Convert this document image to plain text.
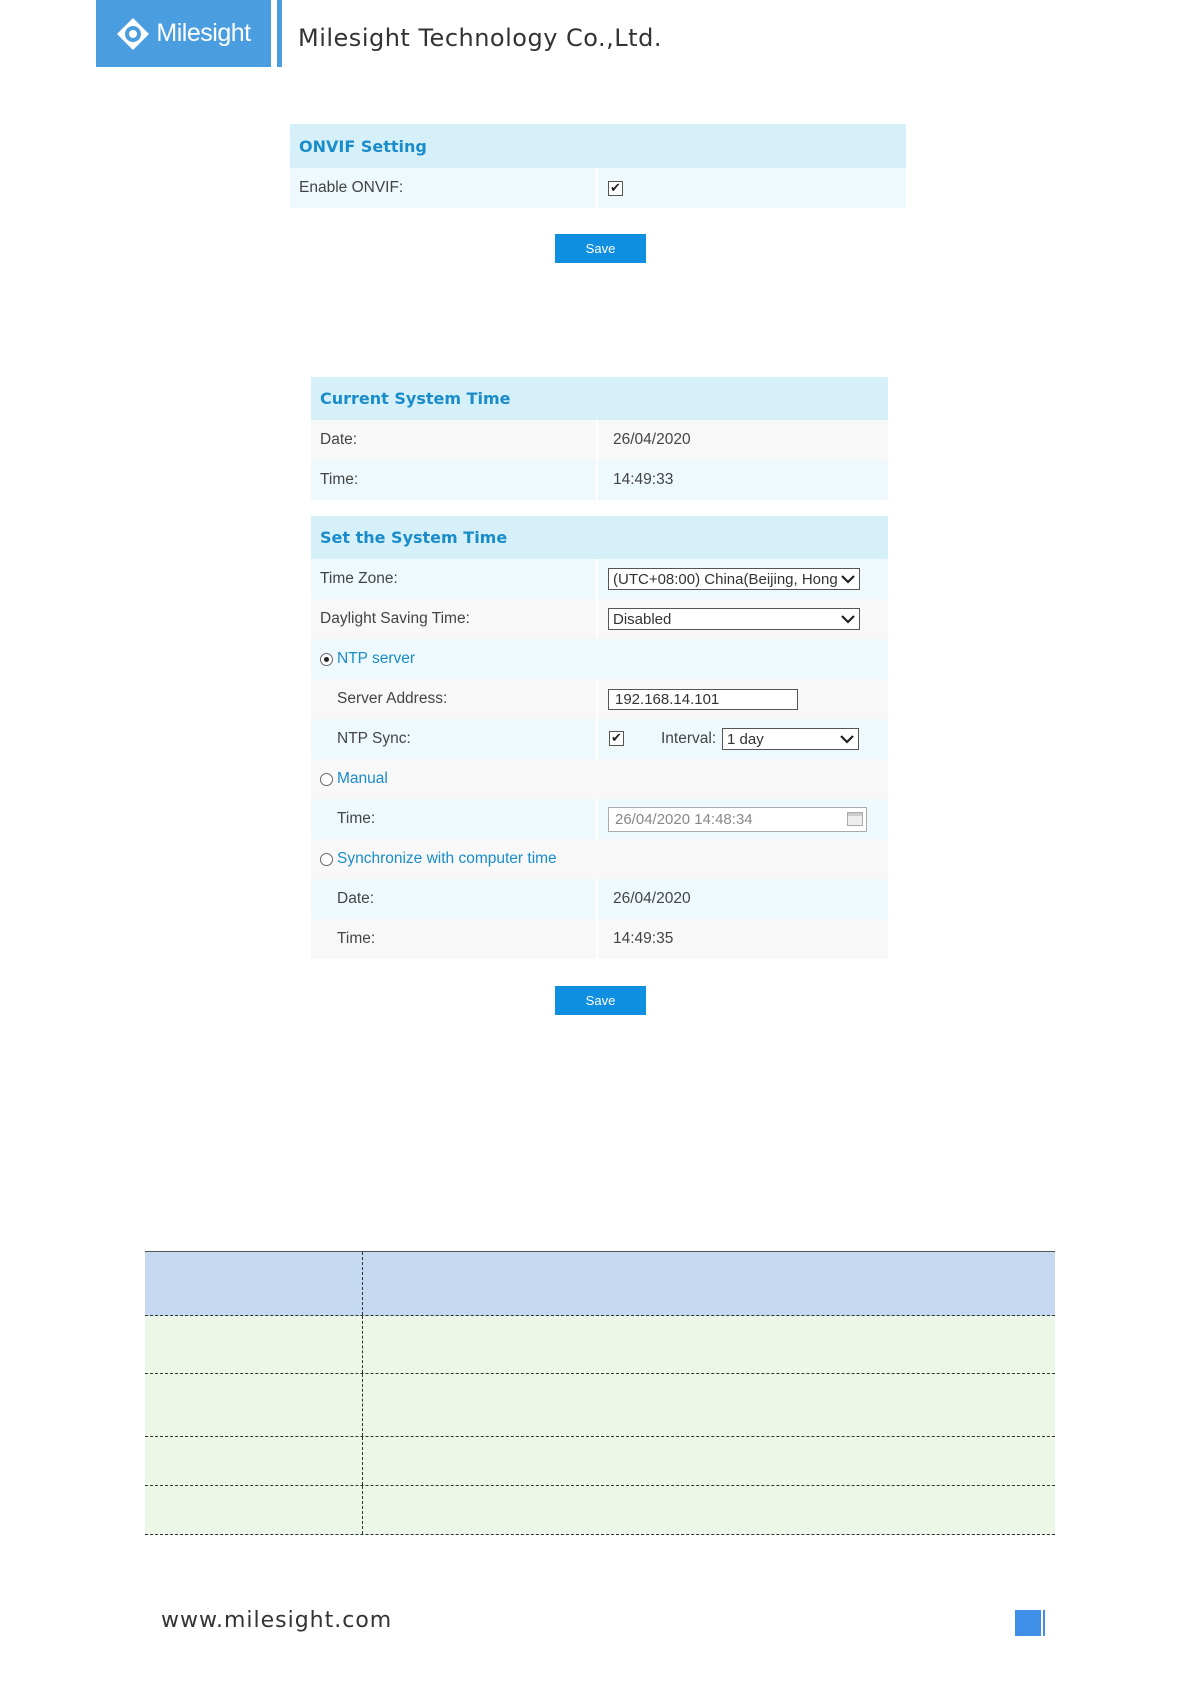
Milesight Milesight Technology Co.,Ltd.
ONVIF Setting
Enable ONVIF:
✔
Save
Current System Time
Date:	26/04/2020
Time:	14:49:33
Set the System Time
Time Zone:	(UTC+08:00) China(Beijing, Hong
Daylight Saving Time:	Disabled
NTP server
Server Address:	192.168.14.101
NTP Sync:
✔	Interval: 1 day
Manual
Time:	26/04/2020 14:48:34
Synchronize with computer time
Date:	26/04/2020
Time:	14:49:35
Save
www.milesight.com
